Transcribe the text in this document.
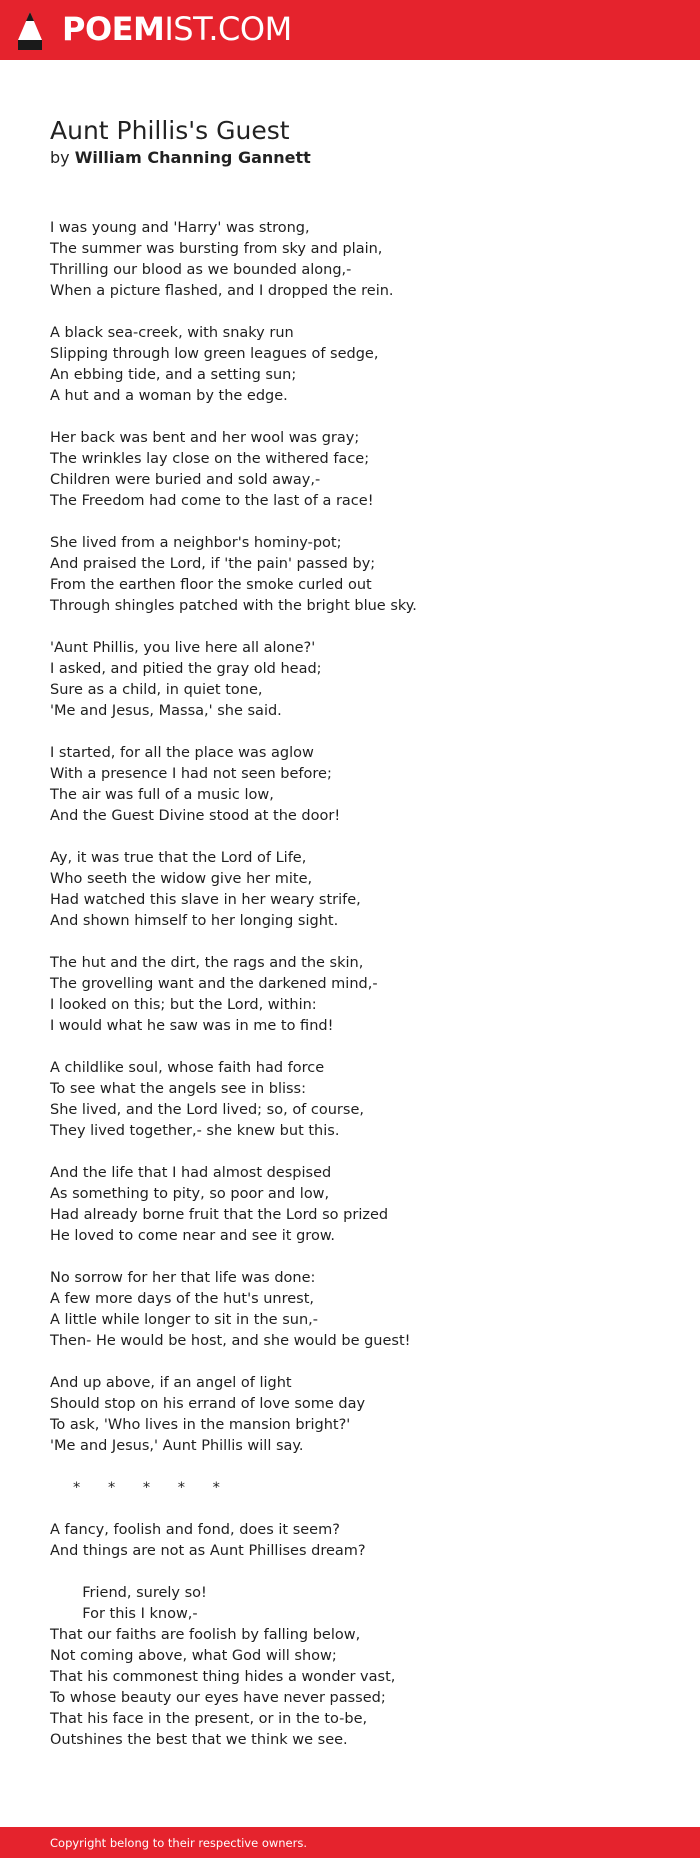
POEMIST.COM
Aunt Phillis's Guest
by William Channing Gannett
I was young and 'Harry' was strong,
The summer was bursting from sky and plain,
Thrilling our blood as we bounded along,-
When a picture flashed, and I dropped the rein.
A black sea-creek, with snaky run
Slipping through low green leagues of sedge,
An ebbing tide, and a setting sun;
A hut and a woman by the edge.
Her back was bent and her wool was gray;
The wrinkles lay close on the withered face;
Children were buried and sold away,-
The Freedom had come to the last of a race!
She lived from a neighbor's hominy-pot;
And praised the Lord, if 'the pain' passed by;
From the earthen floor the smoke curled out
Through shingles patched with the bright blue sky.
'Aunt Phillis, you live here all alone?'
I asked, and pitied the gray old head;
Sure as a child, in quiet tone,
'Me and Jesus, Massa,' she said.
I started, for all the place was aglow
With a presence I had not seen before;
The air was full of a music low,
And the Guest Divine stood at the door!
Ay, it was true that the Lord of Life,
Who seeth the widow give her mite,
Had watched this slave in her weary strife,
And shown himself to her longing sight.
The hut and the dirt, the rags and the skin,
The grovelling want and the darkened mind,-
I looked on this; but the Lord, within:
I would what he saw was in me to find!
A childlike soul, whose faith had force
To see what the angels see in bliss:
She lived, and the Lord lived; so, of course,
They lived together,- she knew but this.
And the life that I had almost despised
As something to pity, so poor and low,
Had already borne fruit that the Lord so prized
He loved to come near and see it grow.
No sorrow for her that life was done:
A few more days of the hut's unrest,
A little while longer to sit in the sun,-
Then- He would be host, and she would be guest!
And up above, if an angel of light
Should stop on his errand of love some day
To ask, 'Who lives in the mansion bright?'
'Me and Jesus,' Aunt Phillis will say.
*      *      *      *      *
A fancy, foolish and fond, does it seem?
And things are not as Aunt Phillises dream?
Friend, surely so!
For this I know,-
That our faiths are foolish by falling below,
Not coming above, what God will show;
That his commonest thing hides a wonder vast,
To whose beauty our eyes have never passed;
That his face in the present, or in the to-be,
Outshines the best that we think we see.
Copyright belong to their respective owners.
